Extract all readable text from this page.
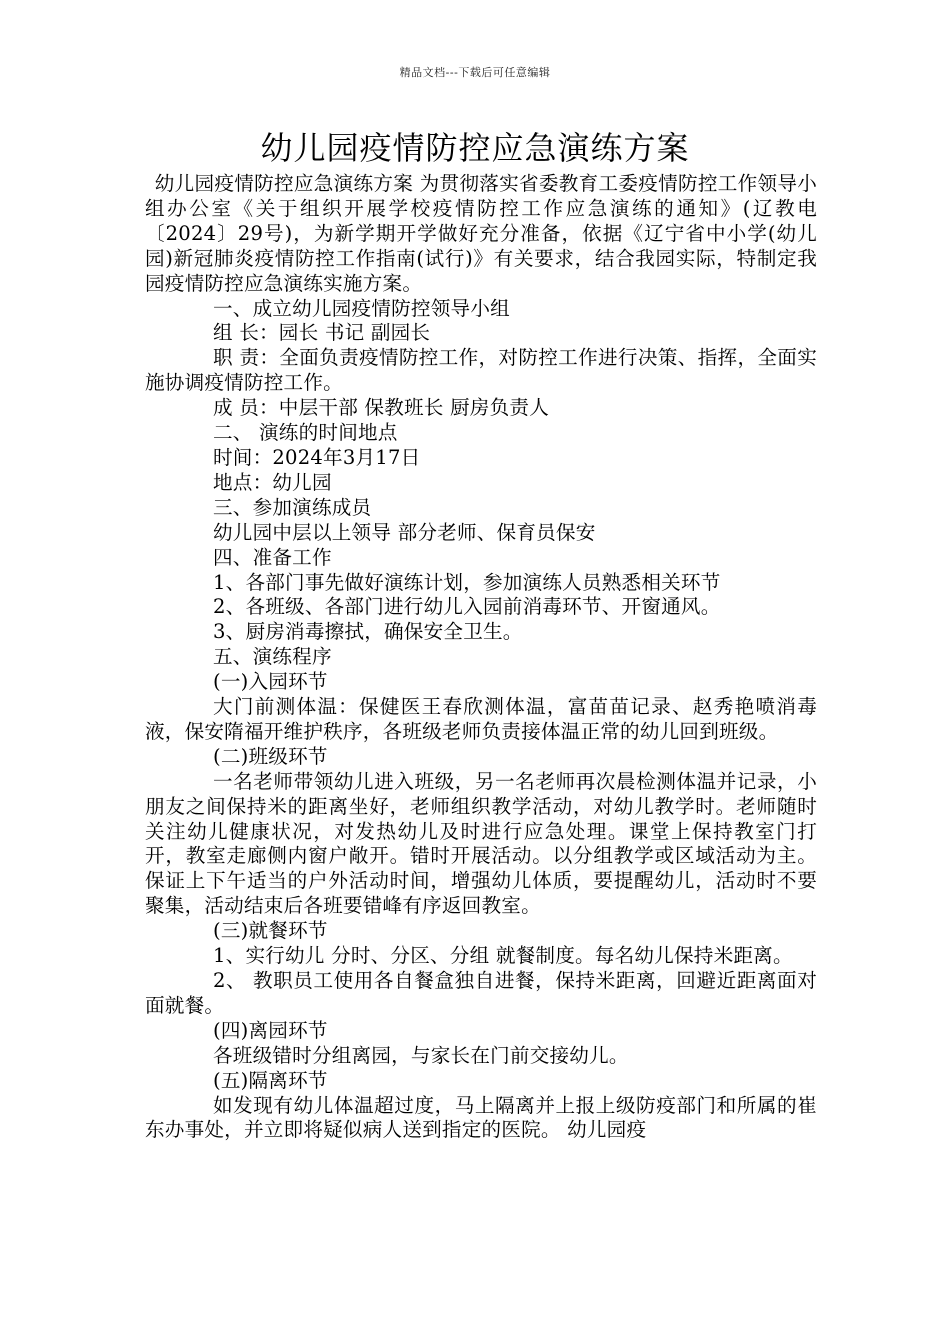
精品文档---下载后可任意编辑
幼儿园疫情防控应急演练方案

幼儿园疫情防控应急演练方案 为贯彻落实省委教育工委疫情防控工作领导小组办公室《关于组织开展学校疫情防控工作应急演练的通知》(辽教电〔2024〕29号)，为新学期开学做好充分准备，依据《辽宁省中小学(幼儿园)新冠肺炎疫情防控工作指南(试行)》有关要求，结合我园实际，特制定我园疫情防控应急演练实施方案。

一、成立幼儿园疫情防控领导小组

组 长：园长 书记 副园长

职 责：全面负责疫情防控工作，对防控工作进行决策、指挥，全面实施协调疫情防控工作。

成 员：中层干部 保教班长 厨房负责人

二、 演练的时间地点

时间：2024年3月17日

地点：幼儿园

三、参加演练成员

幼儿园中层以上领导 部分老师、保育员保安

四、准备工作

1、各部门事先做好演练计划，参加演练人员熟悉相关环节

2、各班级、各部门进行幼儿入园前消毒环节、开窗通风。

3、厨房消毒擦拭，确保安全卫生。

五、演练程序

(一)入园环节

大门前测体温：保健医王春欣测体温，富苗苗记录、赵秀艳喷消毒液，保安隋福开维护秩序，各班级老师负责接体温正常的幼儿回到班级。

(二)班级环节

一名老师带领幼儿进入班级，另一名老师再次晨检测体温并记录，小朋友之间保持米的距离坐好，老师组织教学活动，对幼儿教学时。老师随时关注幼儿健康状况，对发热幼儿及时进行应急处理。课堂上保持教室门打开，教室走廊侧内窗户敞开。错时开展活动。以分组教学或区域活动为主。保证上下午适当的户外活动时间，增强幼儿体质，要提醒幼儿，活动时不要聚集，活动结束后各班要错峰有序返回教室。

(三)就餐环节

1、实行幼儿 分时、分区、分组 就餐制度。每名幼儿保持米距离。

2、 教职员工使用各自餐盒独自进餐，保持米距离，回避近距离面对面就餐。

(四)离园环节

各班级错时分组离园，与家长在门前交接幼儿。

(五)隔离环节

如发现有幼儿体温超过度，马上隔离并上报上级防疫部门和所属的崔东办事处，并立即将疑似病人送到指定的医院。 幼儿园疫
